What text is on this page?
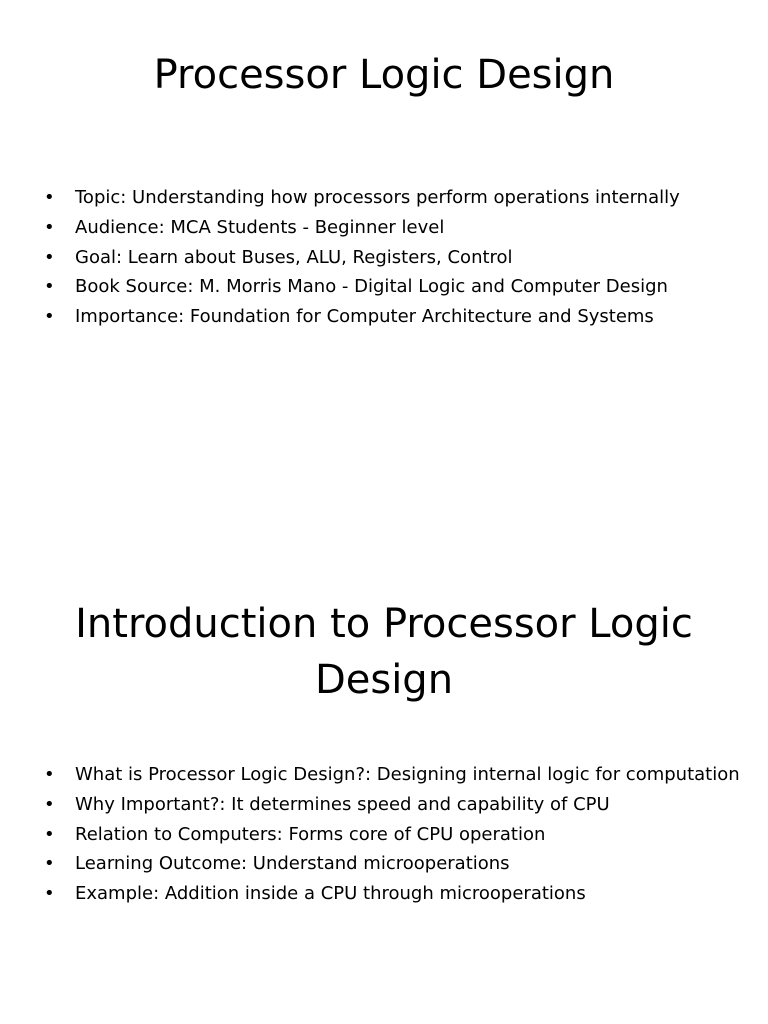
Processor Logic Design
• Topic: Understanding how processors perform operations internally
• Audience: MCA Students - Beginner level
• Goal: Learn about Buses, ALU, Registers, Control
• Book Source: M. Morris Mano - Digital Logic and Computer Design
• Importance: Foundation for Computer Architecture and Systems
Introduction to Processor Logic Design
• What is Processor Logic Design?: Designing internal logic for computation
• Why Important?: It determines speed and capability of CPU
• Relation to Computers: Forms core of CPU operation
• Learning Outcome: Understand microoperations
• Example: Addition inside a CPU through microoperations
